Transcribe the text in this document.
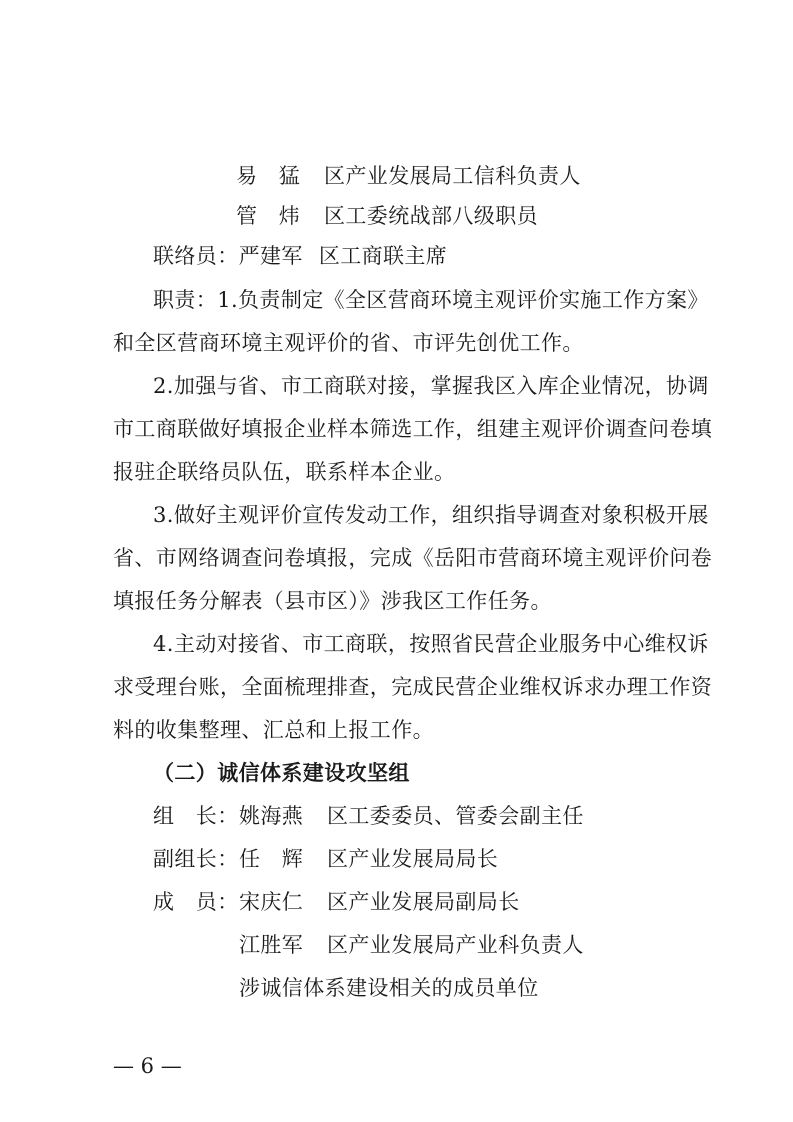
易　猛 区产业发展局工信科负责人
管　炜 区工委统战部八级职员
联络员：严建军 区工商联主席
职责：1.负责制定《全区营商环境主观评价实施工作方案》
和全区营商环境主观评价的省、市评先创优工作。
2.加强与省、市工商联对接，掌握我区入库企业情况，协调
市工商联做好填报企业样本筛选工作，组建主观评价调查问卷填
报驻企联络员队伍，联系样本企业。
3.做好主观评价宣传发动工作，组织指导调查对象积极开展
省、市网络调查问卷填报，完成《岳阳市营商环境主观评价问卷
填报任务分解表（县市区）》涉我区工作任务。
4.主动对接省、市工商联，按照省民营企业服务中心维权诉
求受理台账，全面梳理排查，完成民营企业维权诉求办理工作资
料的收集整理、汇总和上报工作。
（二）诚信体系建设攻坚组
组　长：姚海燕 区工委委员、管委会副主任
副组长：任　辉 区产业发展局局长
成　员：宋庆仁 区产业发展局副局长
江胜军 区产业发展局产业科负责人
涉诚信体系建设相关的成员单位
— 6 —
